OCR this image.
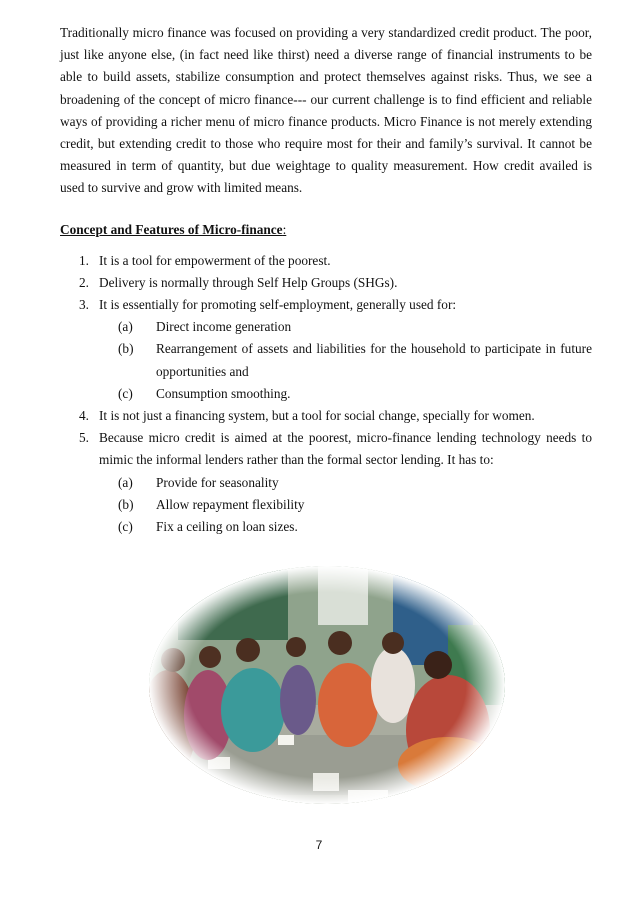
Traditionally micro finance was focused on providing a very standardized credit product. The poor, just like anyone else, (in fact need like thirst) need a diverse range of financial instruments to be able to build assets, stabilize consumption and protect themselves against risks. Thus, we see a broadening of the concept of micro finance--- our current challenge is to find efficient and reliable ways of providing a richer menu of micro finance products. Micro Finance is not merely extending credit, but extending credit to those who require most for their and family’s survival. It cannot be measured in term of quantity, but due weightage to quality measurement. How credit availed is used to survive and grow with limited means.

Concept and Features of Micro-finance:
1. It is a tool for empowerment of the poorest.
2. Delivery is normally through Self Help Groups (SHGs).
3. It is essentially for promoting self-employment, generally used for:
(a) Direct income generation
(b) Rearrangement of assets and liabilities for the household to participate in future opportunities and
(c) Consumption smoothing.
4. It is not just a financing system, but a tool for social change, specially for women.
5. Because micro credit is aimed at the poorest, micro-finance lending technology needs to mimic the informal lenders rather than the formal sector lending. It has to:
(a) Provide for seasonality
(b) Allow repayment flexibility
(c) Fix a ceiling on loan sizes.
7
